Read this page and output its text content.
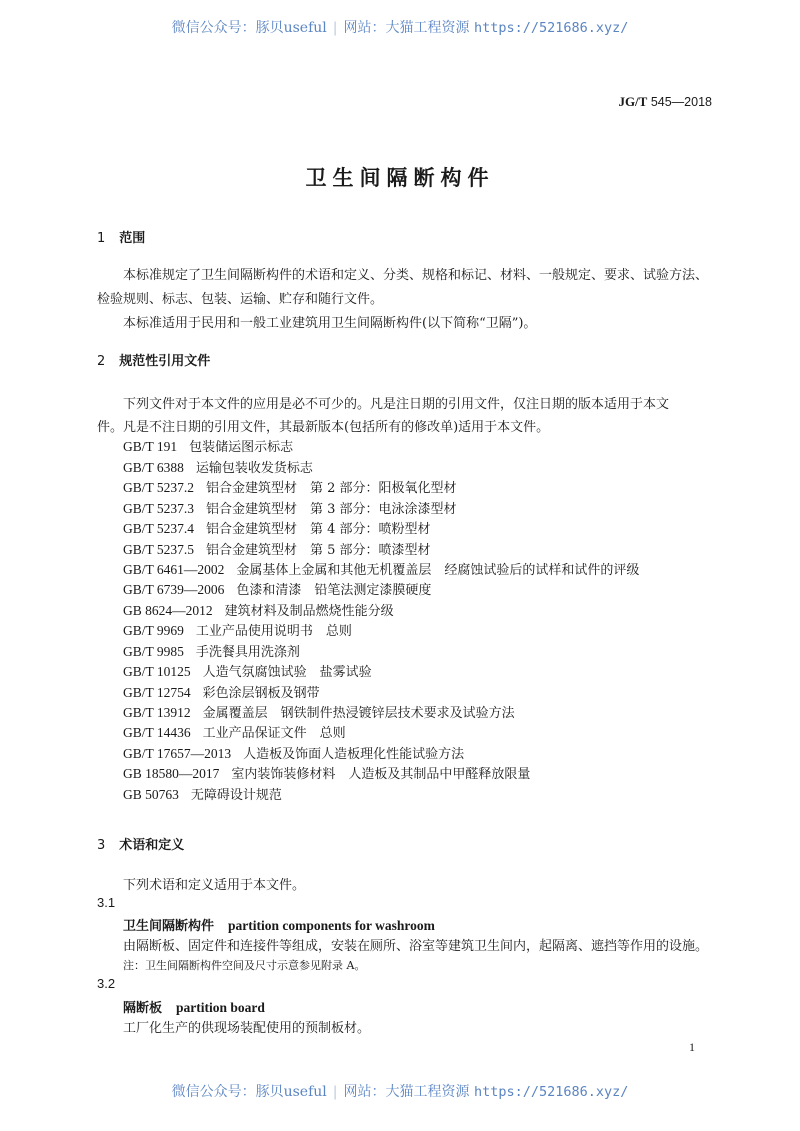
微信公众号：豚贝useful | 网站：大猫工程资源 https://521686.xyz/
JG/T 545—2018
卫生间隔断构件
1 范围
本标准规定了卫生间隔断构件的术语和定义、分类、规格和标记、材料、一般规定、要求、试验方法、
检验规则、标志、包装、运输、贮存和随行文件。
本标准适用于民用和一般工业建筑用卫生间隔断构件(以下简称“卫隔”)。
2 规范性引用文件
下列文件对于本文件的应用是必不可少的。凡是注日期的引用文件，仅注日期的版本适用于本文
件。凡是不注日期的引用文件，其最新版本(包括所有的修改单)适用于本文件。
GB/T 191 包装储运图示标志
GB/T 6388 运输包装收发货标志
GB/T 5237.2 铝合金建筑型材　第 2 部分：阳极氧化型材
GB/T 5237.3 铝合金建筑型材　第 3 部分：电泳涂漆型材
GB/T 5237.4 铝合金建筑型材　第 4 部分：喷粉型材
GB/T 5237.5 铝合金建筑型材　第 5 部分：喷漆型材
GB/T 6461—2002 金属基体上金属和其他无机覆盖层　经腐蚀试验后的试样和试件的评级
GB/T 6739—2006 色漆和清漆　铅笔法测定漆膜硬度
GB 8624—2012 建筑材料及制品燃烧性能分级
GB/T 9969 工业产品使用说明书　总则
GB/T 9985 手洗餐具用洗涤剂
GB/T 10125 人造气氛腐蚀试验　盐雾试验
GB/T 12754 彩色涂层钢板及钢带
GB/T 13912 金属覆盖层　钢铁制件热浸镀锌层技术要求及试验方法
GB/T 14436 工业产品保证文件　总则
GB/T 17657—2013 人造板及饰面人造板理化性能试验方法
GB 18580—2017 室内装饰装修材料　人造板及其制品中甲醛释放限量
GB 50763 无障碍设计规范
3 术语和定义
下列术语和定义适用于本文件。
3.1
卫生间隔断构件 partition components for washroom
由隔断板、固定件和连接件等组成，安装在厕所、浴室等建筑卫生间内，起隔离、遮挡等作用的设施。
注：卫生间隔断构件空间及尺寸示意参见附录 A。
3.2
隔断板 partition board
工厂化生产的供现场装配使用的预制板材。
1
微信公众号：豚贝useful | 网站：大猫工程资源 https://521686.xyz/
